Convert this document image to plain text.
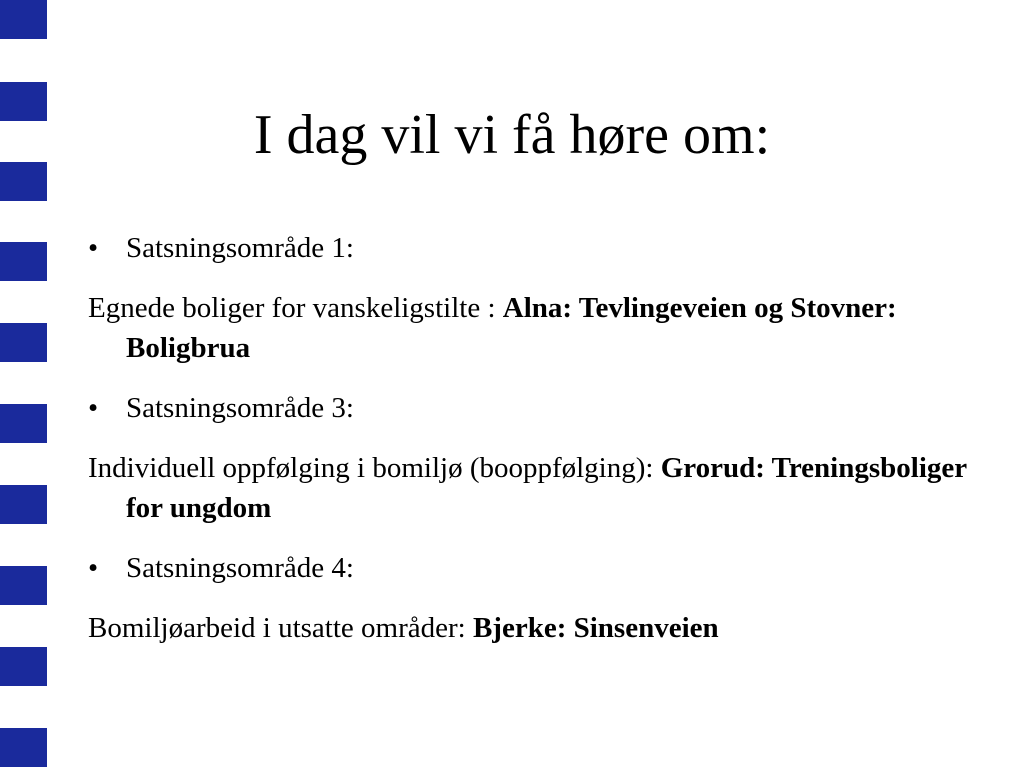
I dag vil vi få høre om:
• Satsningsområde 1:
Egnede boliger for vanskeligstilte : Alna: Tevlingeveien og Stovner: Boligbrua
• Satsningsområde 3:
Individuell oppfølging i bomiljø (booppfølging): Grorud: Treningsboliger for ungdom
• Satsningsområde 4:
Bomiljøarbeid i utsatte områder: Bjerke: Sinsenveien
